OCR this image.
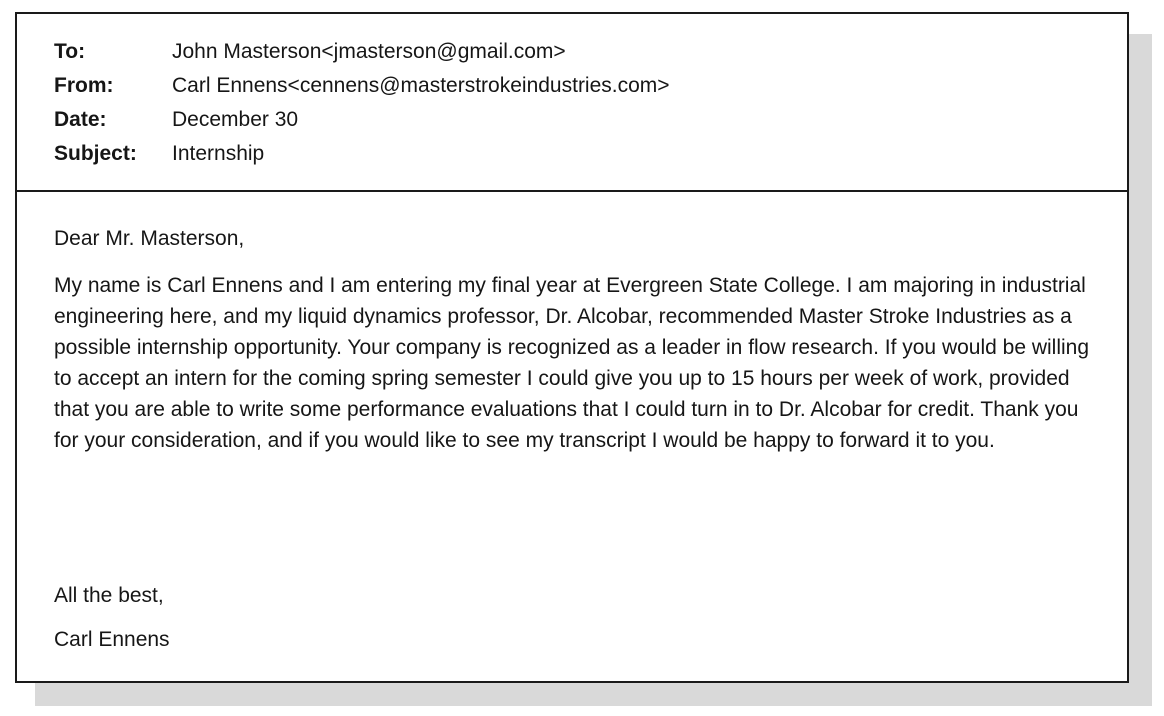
To:	John Masterson<jmasterson@gmail.com>
From:	Carl Ennens<cennens@masterstrokeindustries.com>
Date:	December 30
Subject: Internship
Dear Mr. Masterson,

My name is Carl Ennens and I am entering my final year at Evergreen State College. I am majoring in industrial engineering here, and my liquid dynamics professor, Dr. Alcobar, recommended Master Stroke Industries as a possible internship opportunity. Your company is recognized as a leader in flow research. If you would be willing to accept an intern for the coming spring semester I could give you up to 15 hours per week of work, provided that you are able to write some performance evaluations that I could turn in to Dr. Alcobar for credit. Thank you for your consideration, and if you would like to see my transcript I would be happy to forward it to you.

All the best,
Carl Ennens
